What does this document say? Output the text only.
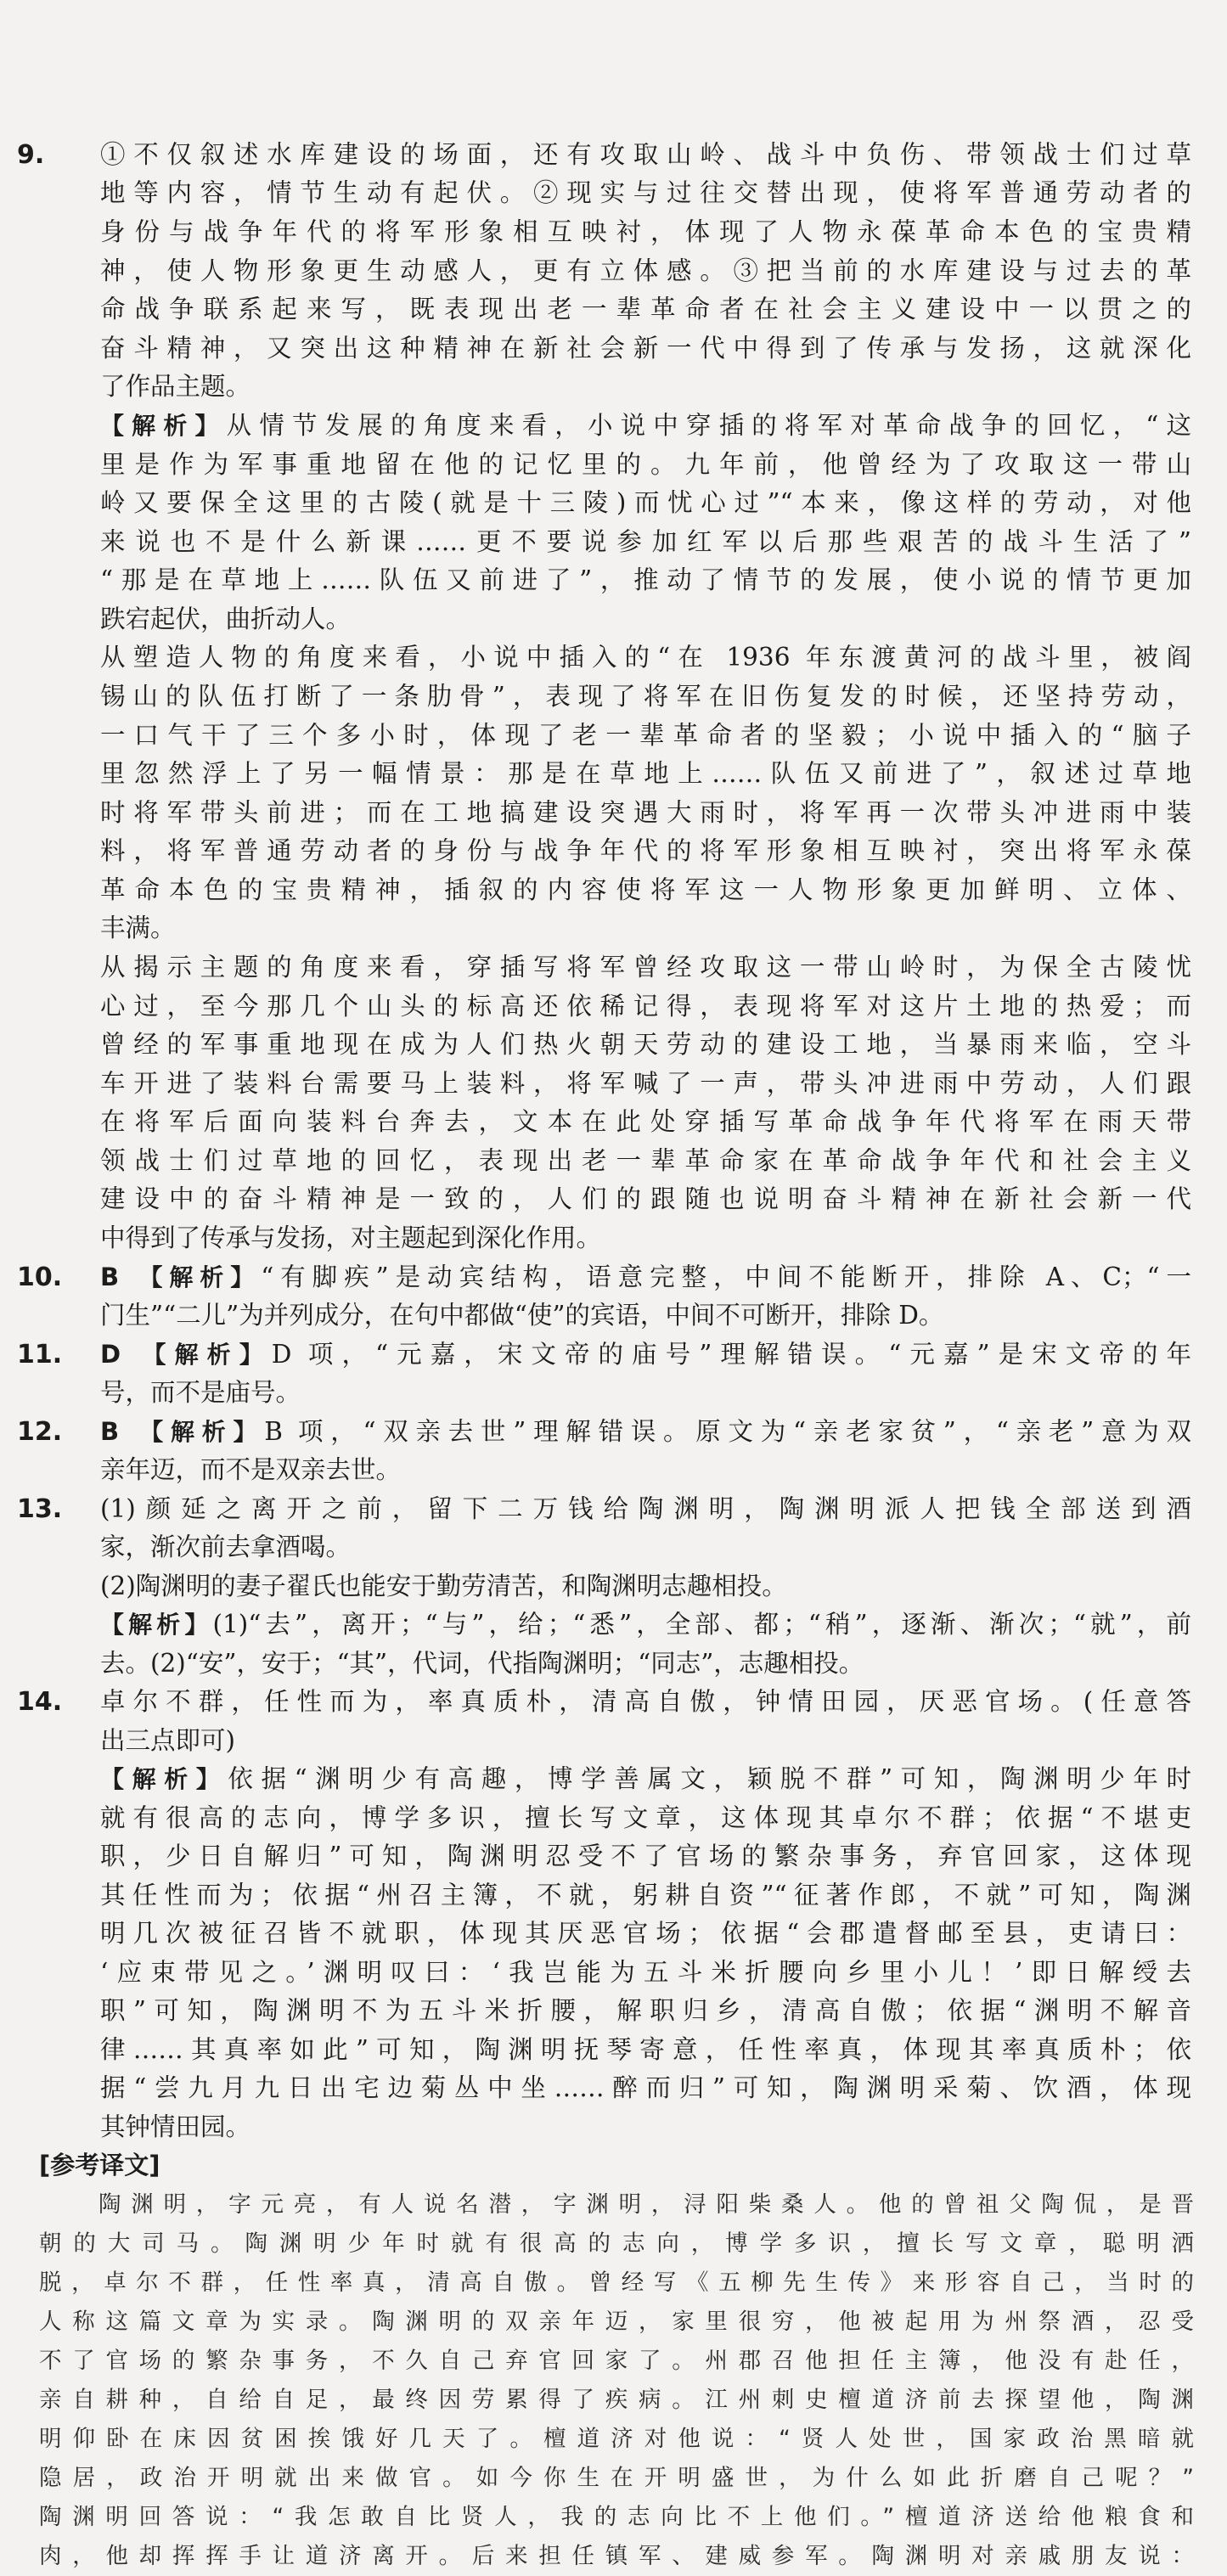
9. ①不仅叙述水库建设的场面，还有攻取山岭、战斗中负伤、带领战士们过草

地等内容，情节生动有起伏。②现实与过往交替出现，使将军普通劳动者的

身份与战争年代的将军形象相互映衬，体现了人物永葆革命本色的宝贵精

神，使人物形象更生动感人，更有立体感。③把当前的水库建设与过去的革

命战争联系起来写，既表现出老一辈革命者在社会主义建设中一以贯之的

奋斗精神，又突出这种精神在新社会新一代中得到了传承与发扬，这就深化

了作品主题。

【解析】从情节发展的角度来看，小说中穿插的将军对革命战争的回忆，“这

里是作为军事重地留在他的记忆里的。九年前，他曾经为了攻取这一带山

岭又要保全这里的古陵(就是十三陵)而忧心过”“本来，像这样的劳动，对他

来说也不是什么新课……更不要说参加红军以后那些艰苦的战斗生活了”

“那是在草地上……队伍又前进了”，推动了情节的发展，使小说的情节更加

跌宕起伏，曲折动人。

从塑造人物的角度来看，小说中插入的“在 1936 年东渡黄河的战斗里，被阎

锡山的队伍打断了一条肋骨”，表现了将军在旧伤复发的时候，还坚持劳动，

一口气干了三个多小时，体现了老一辈革命者的坚毅；小说中插入的“脑子

里忽然浮上了另一幅情景：那是在草地上……队伍又前进了”，叙述过草地

时将军带头前进；而在工地搞建设突遇大雨时，将军再一次带头冲进雨中装

料，将军普通劳动者的身份与战争年代的将军形象相互映衬，突出将军永葆

革命本色的宝贵精神，插叙的内容使将军这一人物形象更加鲜明、立体、

丰满。

从揭示主题的角度来看，穿插写将军曾经攻取这一带山岭时，为保全古陵忧

心过，至今那几个山头的标高还依稀记得，表现将军对这片土地的热爱；而

曾经的军事重地现在成为人们热火朝天劳动的建设工地，当暴雨来临，空斗

车开进了装料台需要马上装料，将军喊了一声，带头冲进雨中劳动，人们跟

在将军后面向装料台奔去，文本在此处穿插写革命战争年代将军在雨天带

领战士们过草地的回忆，表现出老一辈革命家在革命战争年代和社会主义

建设中的奋斗精神是一致的，人们的跟随也说明奋斗精神在新社会新一代

中得到了传承与发扬，对主题起到深化作用。

10. B 【解析】“有脚疾”是动宾结构，语意完整，中间不能断开，排除 A、C；“一

门生”“二儿”为并列成分，在句中都做“使”的宾语，中间不可断开，排除 D。

11. D 【解析】D 项，“元嘉，宋文帝的庙号”理解错误。“元嘉”是宋文帝的年

号，而不是庙号。

12. B 【解析】B 项，“双亲去世”理解错误。原文为“亲老家贫”，“亲老”意为双

亲年迈，而不是双亲去世。

13. (1)颜延之离开之前，留下二万钱给陶渊明，陶渊明派人把钱全部送到酒

家，渐次前去拿酒喝。

(2)陶渊明的妻子翟氏也能安于勤劳清苦，和陶渊明志趣相投。

【解析】(1)“去”，离开；“与”，给；“悉”，全部、都；“稍”，逐渐、渐次；“就”，前

去。(2)“安”，安于；“其”，代词，代指陶渊明；“同志”，志趣相投。

14. 卓尔不群，任性而为，率真质朴，清高自傲，钟情田园，厌恶官场。(任意答

出三点即可)

【解析】依据“渊明少有高趣，博学善属文，颖脱不群”可知，陶渊明少年时

就有很高的志向，博学多识，擅长写文章，这体现其卓尔不群；依据“不堪吏

职，少日自解归”可知，陶渊明忍受不了官场的繁杂事务，弃官回家，这体现

其任性而为；依据“州召主簿，不就，躬耕自资”“征著作郎，不就”可知，陶渊

明几次被征召皆不就职，体现其厌恶官场；依据“会郡遣督邮至县，吏请曰：

‘应束带见之。’渊明叹曰：‘我岂能为五斗米折腰向乡里小儿！’即日解绶去

职”可知，陶渊明不为五斗米折腰，解职归乡，清高自傲；依据“渊明不解音

律……其真率如此”可知，陶渊明抚琴寄意，任性率真，体现其率真质朴；依

据“尝九月九日出宅边菊丛中坐……醉而归”可知，陶渊明采菊、饮酒，体现

其钟情田园。

[参考译文]

陶渊明，字元亮，有人说名潜，字渊明，浔阳柴桑人。他的曾祖父陶侃，是晋

朝的大司马。陶渊明少年时就有很高的志向，博学多识，擅长写文章，聪明洒

脱，卓尔不群，任性率真，清高自傲。曾经写《五柳先生传》来形容自己，当时的

人称这篇文章为实录。陶渊明的双亲年迈，家里很穷，他被起用为州祭酒，忍受

不了官场的繁杂事务，不久自己弃官回家了。州郡召他担任主簿，他没有赴任，

亲自耕种，自给自足，最终因劳累得了疾病。江州刺史檀道济前去探望他，陶渊

明仰卧在床因贫困挨饿好几天了。檀道济对他说：“贤人处世，国家政治黑暗就

隐居，政治开明就出来做官。如今你生在开明盛世，为什么如此折磨自己呢？”

陶渊明回答说：“我怎敢自比贤人，我的志向比不上他们。”檀道济送给他粮食和

肉，他却挥挥手让道济离开。后来担任镇军、建威参军。陶渊明对亲戚朋友说：
